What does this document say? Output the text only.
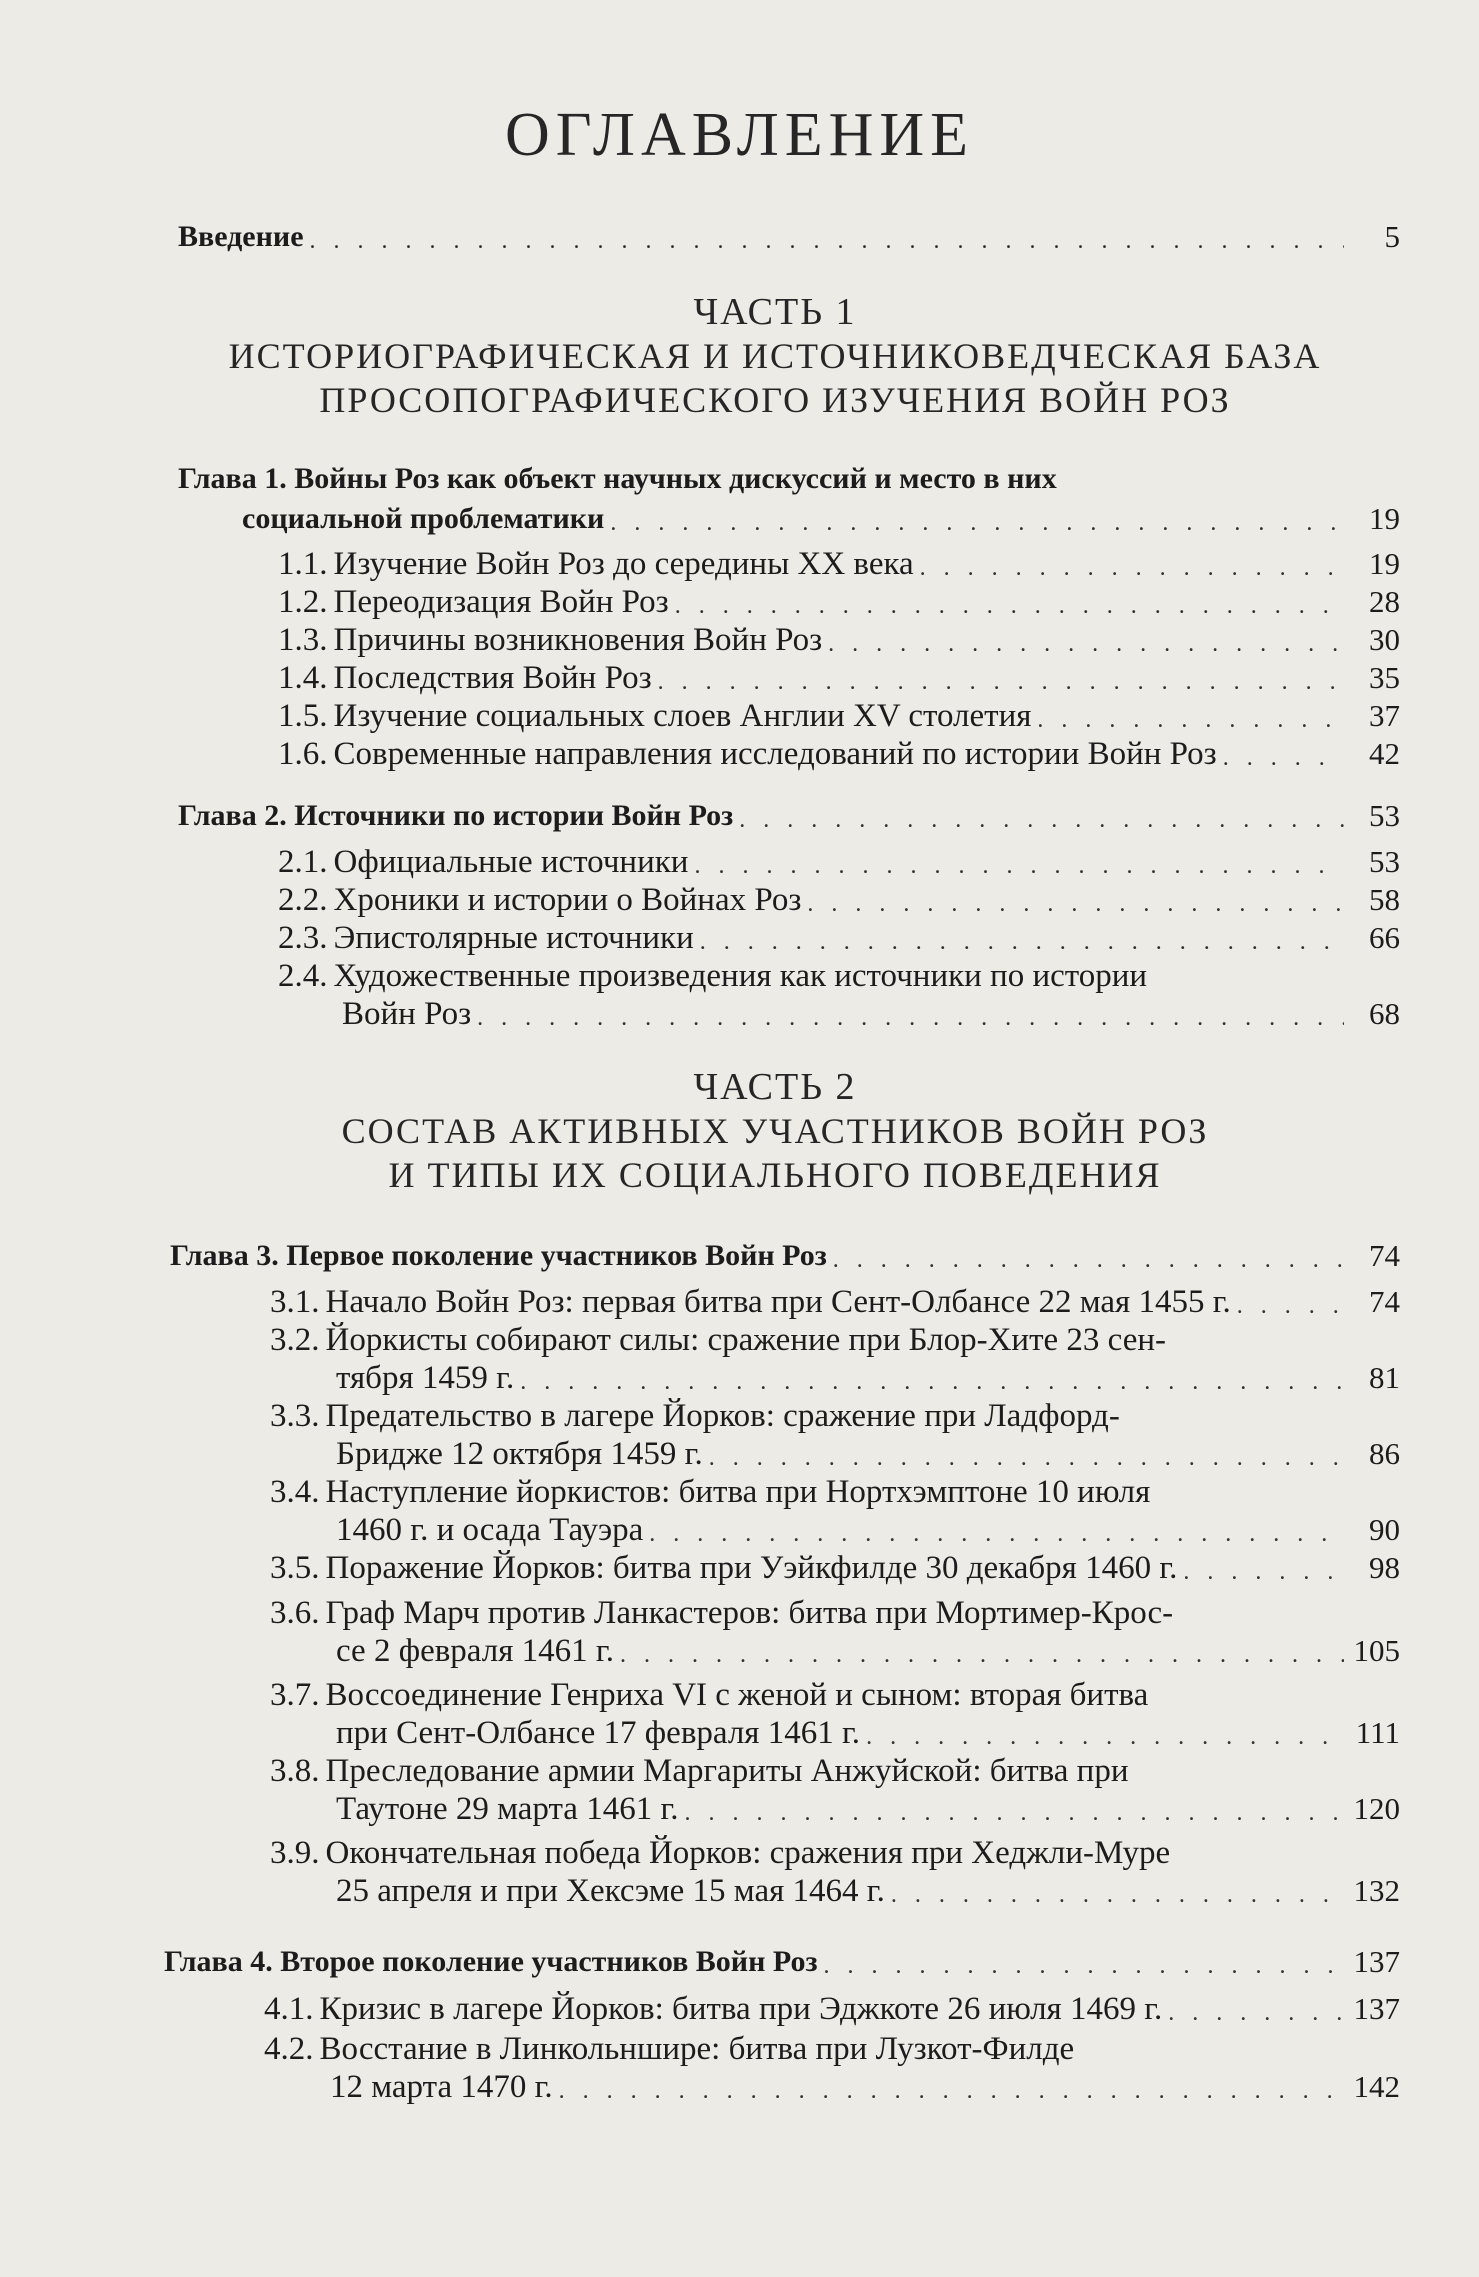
ОГЛАВЛЕНИЕ
Введение . . .	5
ЧАСТЬ 1
ИСТОРИОГРАФИЧЕСКАЯ И ИСТОЧНИКОВЕДЧЕСКАЯ БАЗА
ПРОСОПОГРАФИЧЕСКОГО ИЗУЧЕНИЯ ВОЙН РОЗ
Глава 1. Войны Роз как объект научных дискуссий и место в них
социальной проблематики . . .	19
1.1. Изучение Войн Роз до середины XX века . . .	19
1.2. Переодизация Войн Роз . . .	28
1.3. Причины возникновения Войн Роз . . .	30
1.4. Последствия Войн Роз . . .	35
1.5. Изучение социальных слоев Англии XV столетия . . .	37
1.6. Современные направления исследований по истории Войн Роз . . .	42
Глава 2. Источники по истории Войн Роз . . .	53
2.1. Официальные источники . . .	53
2.2. Хроники и истории о Войнах Роз . . .	58
2.3. Эпистолярные источники . . .	66
2.4. Художественные произведения как источники по истории
Войн Роз . . .	68
ЧАСТЬ 2
СОСТАВ АКТИВНЫХ УЧАСТНИКОВ ВОЙН РОЗ
И ТИПЫ ИХ СОЦИАЛЬНОГО ПОВЕДЕНИЯ
Глава 3. Первое поколение участников Войн Роз . . .	74
3.1. Начало Войн Роз: первая битва при Сент-Олбансе 22 мая 1455 г. . . .	74
3.2. Йоркисты собирают силы: сражение при Блор-Хите 23 сен-
тября 1459 г. . . .	81
3.3. Предательство в лагере Йорков: сражение при Ладфорд-
Бридже 12 октября 1459 г. . . .	86
3.4. Наступление йоркистов: битва при Нортхэмптоне 10 июля
1460 г. и осада Тауэра . . .	90
3.5. Поражение Йорков: битва при Уэйкфилде 30 декабря 1460 г. . . .	98
3.6. Граф Марч против Ланкастеров: битва при Мортимер-Крос-
се 2 февраля 1461 г. . . .	105
3.7. Воссоединение Генриха VI с женой и сыном: вторая битва
при Сент-Олбансе 17 февраля 1461 г. . . .	111
3.8. Преследование армии Маргариты Анжуйской: битва при
Таутоне 29 марта 1461 г. . . .	120
3.9. Окончательная победа Йорков: сражения при Хеджли-Муре
25 апреля и при Хексэме 15 мая 1464 г. . . .	132
Глава 4. Второе поколение участников Войн Роз . . .	137
4.1. Кризис в лагере Йорков: битва при Эджкоте 26 июля 1469 г. . . .	137
4.2. Восстание в Линкольншире: битва при Лузкот-Филде
12 марта 1470 г. . . .	142
